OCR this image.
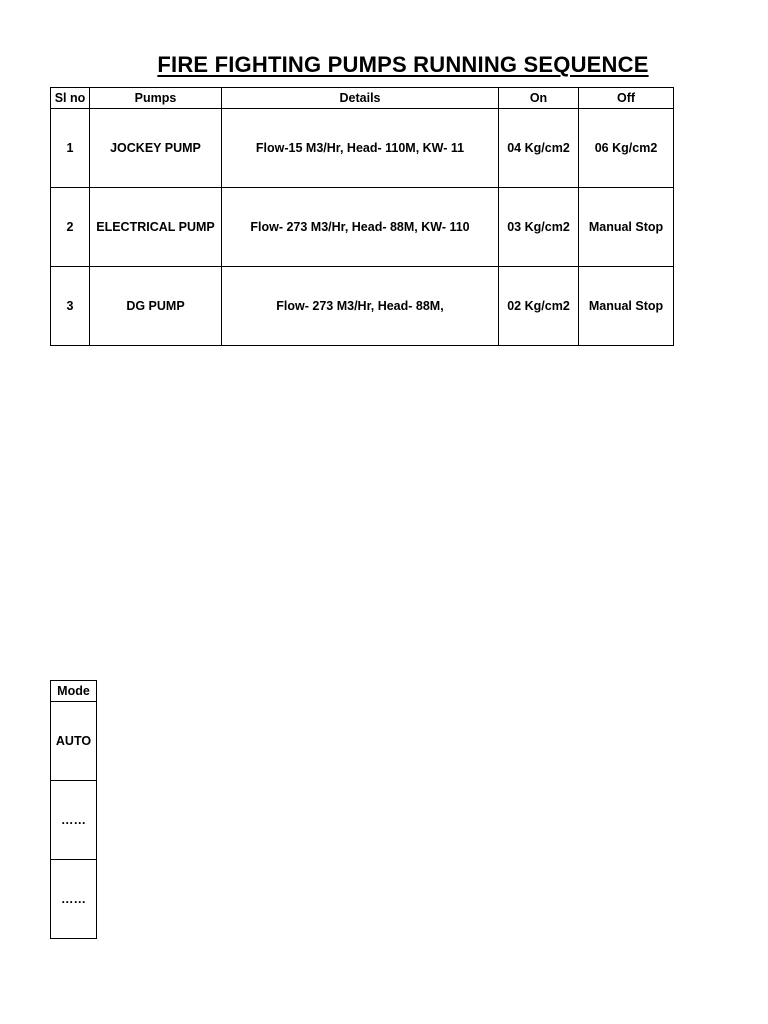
FIRE FIGHTING PUMPS RUNNING SEQUENCE
Sl no	Pumps	Details	On	Off
1	JOCKEY PUMP	Flow-15 M3/Hr, Head- 110M, KW- 11	04 Kg/cm2	06 Kg/cm2
2	ELECTRICAL PUMP	Flow- 273 M3/Hr, Head- 88M, KW- 110	03 Kg/cm2	Manual Stop
3	DG PUMP	Flow- 273 M3/Hr, Head- 88M,	02 Kg/cm2	Manual Stop
Mode
AUTO
……
……
